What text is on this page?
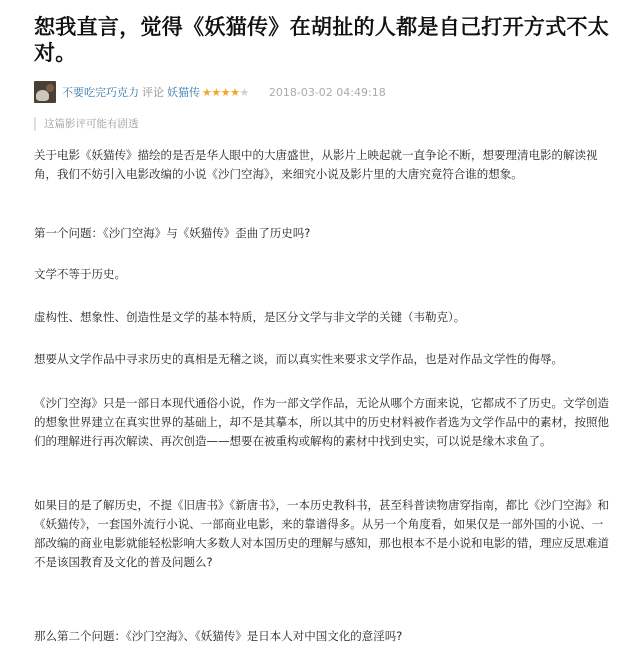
恕我直言，觉得《妖猫传》在胡扯的人都是自己打开方式不太对。
不要吃完巧克力 评论 妖猫传 ★★★★★ 2018-03-02 04:49:18
这篇影评可能有剧透

关于电影《妖猫传》描绘的是否是华人眼中的大唐盛世，从影片上映起就一直争论不断，想要理清电影的解读视角，我们不妨引入电影改编的小说《沙门空海》，来细究小说及影片里的大唐究竟符合谁的想象。

第一个问题：《沙门空海》与《妖猫传》歪曲了历史吗?

文学不等于历史。

虚构性、想象性、创造性是文学的基本特质，是区分文学与非文学的关键（韦勒克）。

想要从文学作品中寻求历史的真相是无稽之谈，而以真实性来要求文学作品，也是对作品文学性的侮辱。

《沙门空海》只是一部日本现代通俗小说，作为一部文学作品，无论从哪个方面来说，它都成不了历史。文学创造的想象世界建立在真实世界的基础上，却不是其摹本，所以其中的历史材料被作者选为文学作品中的素材，按照他们的理解进行再次解读、再次创造——想要在被重构或解构的素材中找到史实，可以说是缘木求鱼了。

如果目的是了解历史，不提《旧唐书》《新唐书》，一本历史教科书，甚至科普读物唐穿指南，都比《沙门空海》和《妖猫传》，一套国外流行小说、一部商业电影，来的靠谱得多。从另一个角度看，如果仅是一部外国的小说、一部改编的商业电影就能轻松影响大多数人对本国历史的理解与感知，那也根本不是小说和电影的错，理应反思难道不是该国教育及文化的普及问题么?

那么第二个问题：《沙门空海》、《妖猫传》是日本人对中国文化的意淫吗?
